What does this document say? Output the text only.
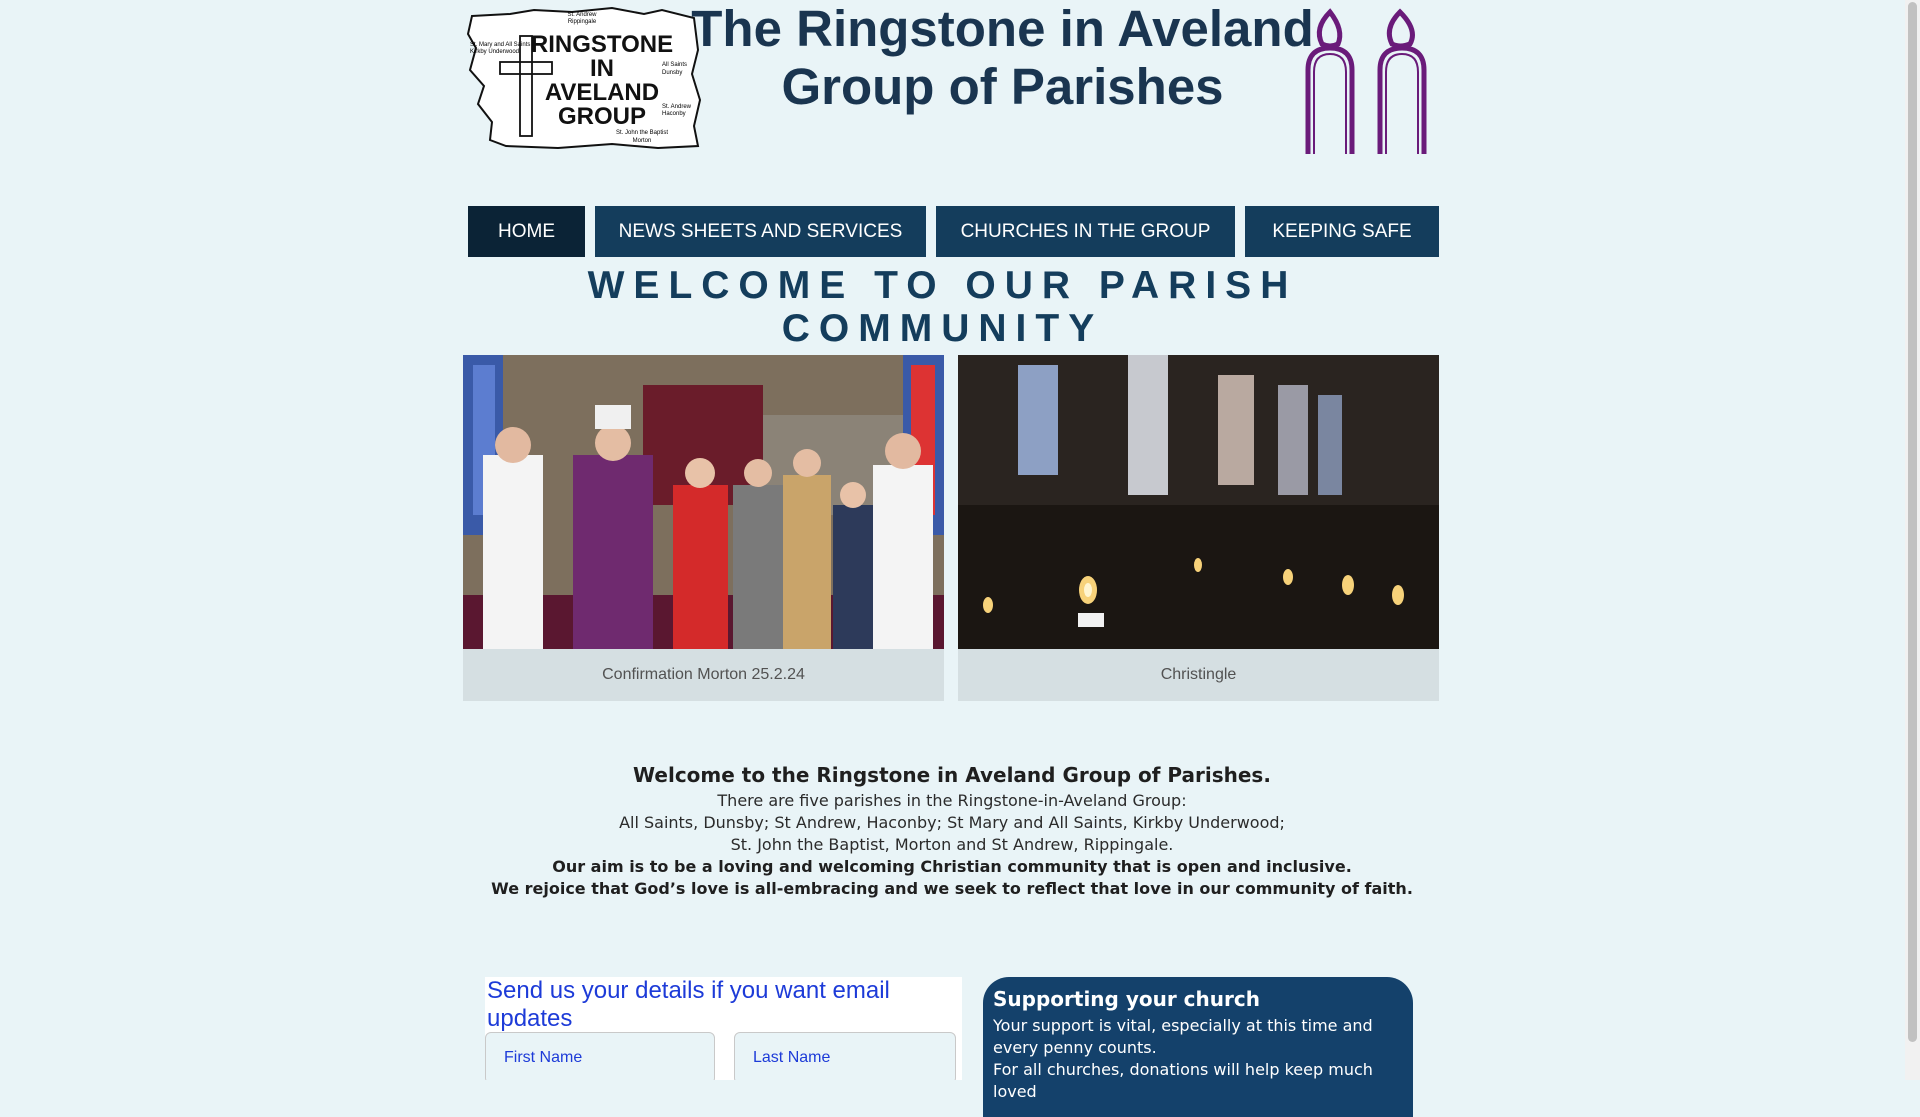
St. Andrew
Rippingale
St. Mary and All Saints
Kirkby Underwood
All Saints
Dunsby
St. Andrew
Haconby
St. John the Baptist
Morton
RINGSTONE
IN
AVELAND
GROUP
The Ringstone in Aveland
Group of Parishes
HOME	NEWS SHEETS AND SERVICES	CHURCHES IN THE GROUP	KEEPING SAFE
WELCOME TO OUR PARISH
COMMUNITY
Confirmation Morton 25.2.24	Christingle

Welcome to the Ringstone in Aveland Group of Parishes.

There are five parishes in the Ringstone-in-Aveland Group:

All Saints, Dunsby; St Andrew, Haconby; St Mary and All Saints, Kirkby Underwood;

St. John the Baptist, Morton and St Andrew, Rippingale.

Our aim is to be a loving and welcoming Christian community that is open and inclusive.

We rejoice that God’s love is all-embracing and we seek to reflect that love in our community of faith.

Send us your details if you want email updates
First Name
Last Name
Supporting your church

Your support is vital, especially at this time and every penny counts.

For all churches, donations will help keep much loved
